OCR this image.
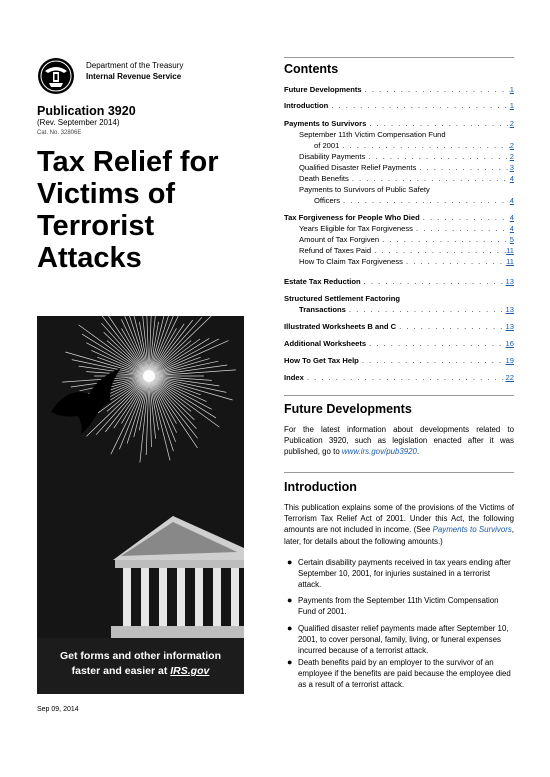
Department of the Treasury
Internal Revenue Service
Publication 3920
(Rev. September 2014)
Cat. No. 32806E
Tax Relief for
Victims of
Terrorist
Attacks
Get forms and other information
faster and easier at IRS.gov
Sep 09, 2014
Contents
Future Developments . . .	1
Introduction . . .	1
Payments to Survivors . . .	2
September 11th Victim Compensation Fund
of 2001 . . .	2
Disability Payments . . .	2
Qualified Disaster Relief Payments . . .	3
Death Benefits . . .	4
Payments to Survivors of Public Safety
Officers . . .	4
Tax Forgiveness for People Who Died . . .	4
Years Eligible for Tax Forgiveness . . .	4
Amount of Tax Forgiven . . .	5
Refund of Taxes Paid . . .	11
How To Claim Tax Forgiveness . . .	11
Estate Tax Reduction . . .	13
Structured Settlement Factoring
Transactions . . .	13
Illustrated Worksheets B and C . . .	13
Additional Worksheets . . .	16
How To Get Tax Help . . .	19
Index . . .	22
Future Developments
For the latest information about developments related to Publication 3920, such as legislation enacted after it was published, go to www.irs.gov/pub3920.
Introduction
This publication explains some of the provisions of the Victims of Terrorism Tax Relief Act of 2001. Under this Act, the following amounts are not included in income. (See Payments to Survivors, later, for details about the following amounts.)
● Certain disability payments received in tax years ending after September 10, 2001, for injuries sustained in a terrorist attack.
● Payments from the September 11th Victim Compensation Fund of 2001.
● Qualified disaster relief payments made after September 10, 2001, to cover personal, family, living, or funeral expenses incurred because of a terrorist attack.
● Death benefits paid by an employer to the survivor of an employee if the benefits are paid because the employee died as a result of a terrorist attack.
